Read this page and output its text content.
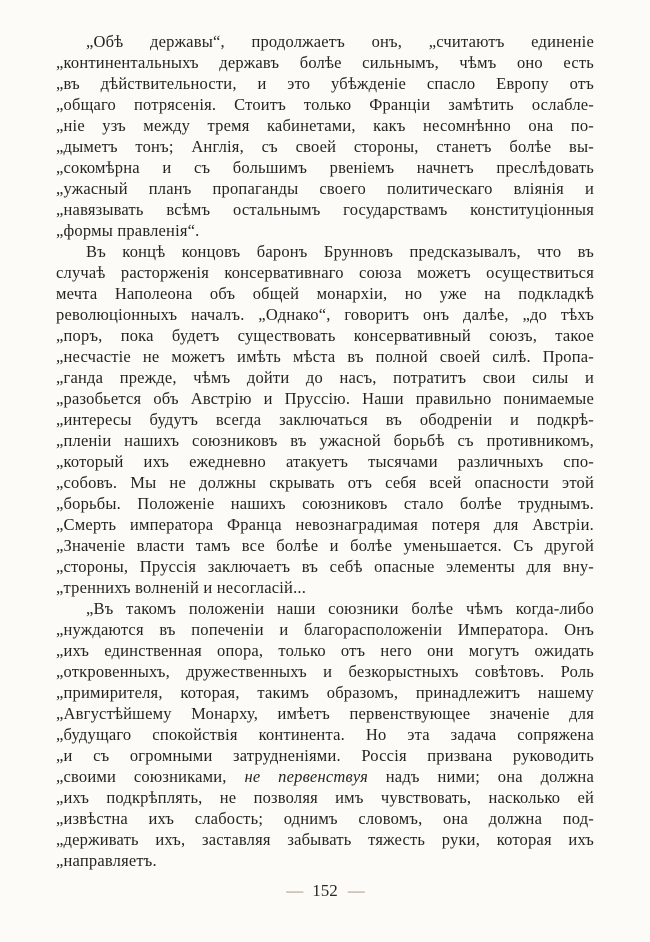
„Обѣ державы“, продолжаетъ онъ, „считаютъ единеніе
„континентальныхъ державъ болѣе сильнымъ, чѣмъ оно есть
„въ дѣйствительности, и это убѣжденіе спасло Европу отъ
„общаго потрясенія. Стоитъ только Франціи замѣтить ослабле-
„ніе узъ между тремя кабинетами, какъ несомнѣнно она по-
„дыметъ тонъ; Англія, съ своей стороны, станетъ болѣе вы-
„сокомѣрна и съ большимъ рвеніемъ начнетъ преслѣдовать
„ужасный планъ пропаганды своего политическаго вліянія и
„навязывать всѣмъ остальнымъ государствамъ конституціонныя
„формы правленія“.
Въ концѣ концовъ баронъ Брунновъ предсказывалъ, что въ
случаѣ расторженія консервативнаго союза можетъ осуществиться
мечта Наполеона объ общей монархіи, но уже на подкладкѣ
революціонныхъ началъ. „Однако“, говоритъ онъ далѣе, „до тѣхъ
„поръ, пока будетъ существовать консервативный союзъ, такое
„несчастіе не можетъ имѣть мѣста въ полной своей силѣ. Пропа-
„ганда прежде, чѣмъ дойти до насъ, потратитъ свои силы и
„разобьется объ Австрію и Пруссію. Наши правильно понимаемые
„интересы будутъ всегда заключаться въ ободреніи и подкрѣ-
„пленіи нашихъ союзниковъ въ ужасной борьбѣ съ противникомъ,
„который ихъ ежедневно атакуетъ тысячами различныхъ спо-
„собовъ. Мы не должны скрывать отъ себя всей опасности этой
„борьбы. Положеніе нашихъ союзниковъ стало болѣе труднымъ.
„Смерть императора Франца невознаградимая потеря для Австріи.
„Значеніе власти тамъ все болѣе и болѣе уменьшается. Съ другой
„стороны, Пруссія заключаетъ въ себѣ опасные элементы для вну-
„треннихъ волненій и несогласій...
„Въ такомъ положеніи наши союзники болѣе чѣмъ когда-либо
„нуждаются въ попеченіи и благорасположеніи Императора. Онъ
„ихъ единственная опора, только отъ него они могутъ ожидать
„откровенныхъ, дружественныхъ и безкорыстныхъ совѣтовъ. Роль
„примирителя, которая, такимъ образомъ, принадлежитъ нашему
„Августѣйшему Монарху, имѣетъ первенствующее значеніе для
„будущаго спокойствія континента. Но эта задача сопряжена
„и съ огромными затрудненіями. Россія призвана руководить
„своими союзниками, не первенствуя надъ ними; она должна
„ихъ подкрѣплять, не позволяя имъ чувствовать, насколько ей
„извѣстна ихъ слабость; однимъ словомъ, она должна под-
„держивать ихъ, заставляя забывать тяжесть руки, которая ихъ
„направляетъ.
— 152 —
